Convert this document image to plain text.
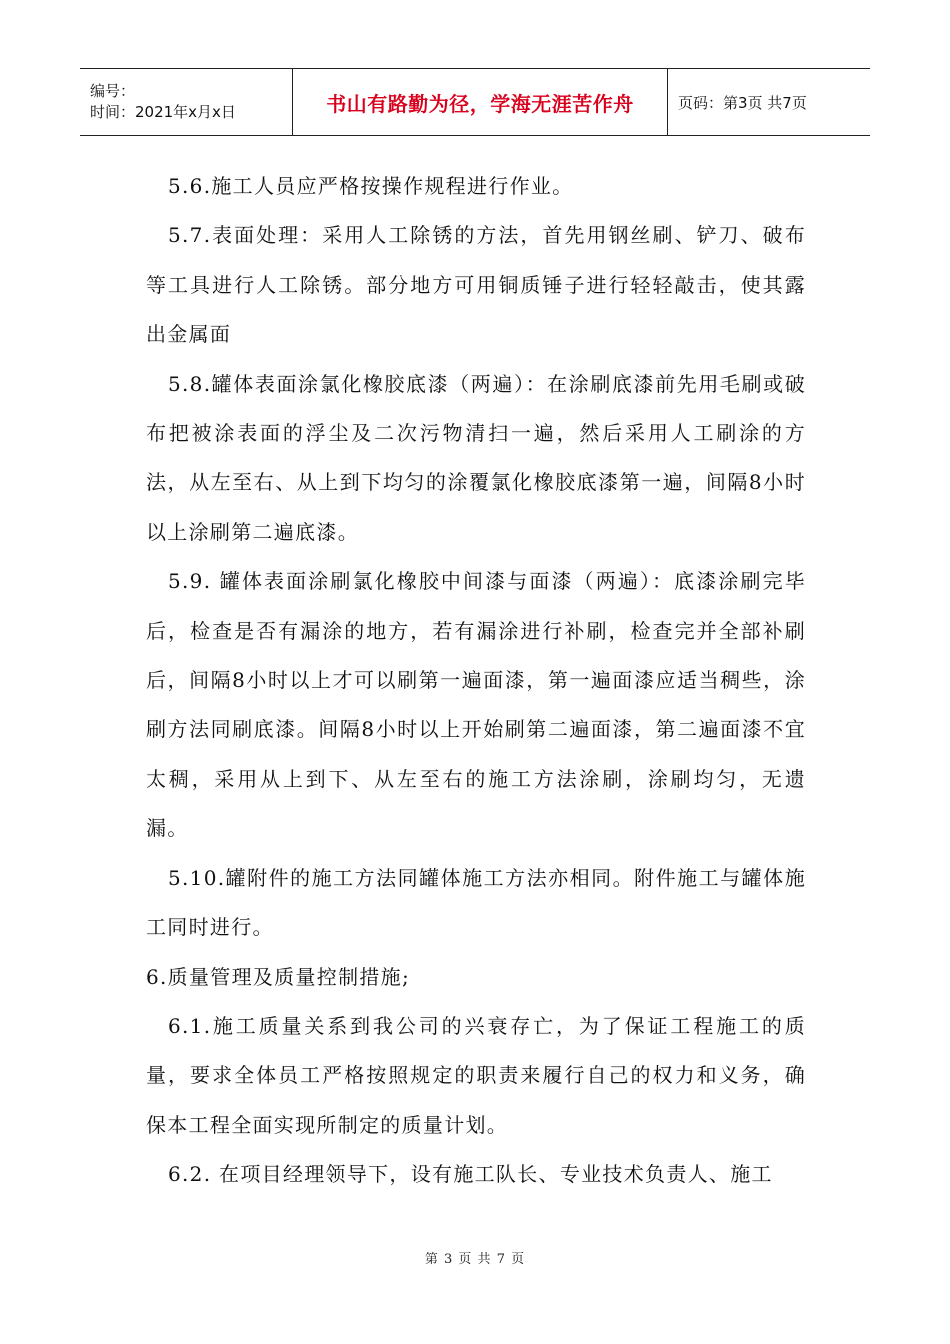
编号：
时间：2021年x月x日	书山有路勤为径，学海无涯苦作舟	页码：第3页 共7页

5.6.施工人员应严格按操作规程进行作业。

5.7.表面处理：采用人工除锈的方法，首先用钢丝刷、铲刀、破布等工具进行人工除锈。部分地方可用铜质锤子进行轻轻敲击，使其露出金属面

5.8.罐体表面涂氯化橡胶底漆（两遍）：在涂刷底漆前先用毛刷或破布把被涂表面的浮尘及二次污物清扫一遍，然后采用人工刷涂的方法，从左至右、从上到下均匀的涂覆氯化橡胶底漆第一遍，间隔8小时以上涂刷第二遍底漆。

5.9. 罐体表面涂刷氯化橡胶中间漆与面漆（两遍）：底漆涂刷完毕后，检查是否有漏涂的地方，若有漏涂进行补刷，检查完并全部补刷后，间隔8小时以上才可以刷第一遍面漆，第一遍面漆应适当稠些，涂刷方法同刷底漆。间隔8小时以上开始刷第二遍面漆，第二遍面漆不宜太稠，采用从上到下、从左至右的施工方法涂刷，涂刷均匀，无遗漏。

5.10.罐附件的施工方法同罐体施工方法亦相同。附件施工与罐体施工同时进行。

6.质量管理及质量控制措施;

6.1.施工质量关系到我公司的兴衰存亡，为了保证工程施工的质量，要求全体员工严格按照规定的职责来履行自己的权力和义务，确保本工程全面实现所制定的质量计划。

6.2. 在项目经理领导下，设有施工队长、专业技术负责人、施工

第 3 页 共 7 页
